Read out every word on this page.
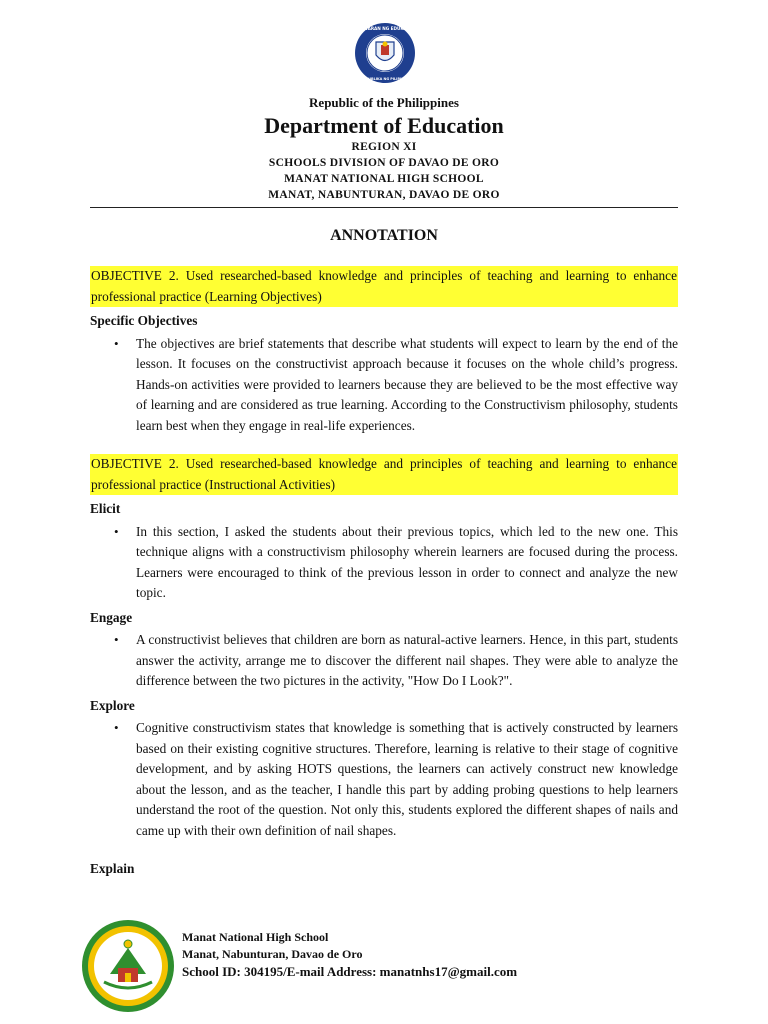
KAGAWARAN NG EDUKASYON
REPUBLIKA NG PILIPINAS
Republic of the Philippines
Department of Education
REGION XI
SCHOOLS DIVISION OF DAVAO DE ORO
MANAT NATIONAL HIGH SCHOOL
MANAT, NABUNTURAN, DAVAO DE ORO
ANNOTATION

OBJECTIVE 2. Used researched-based knowledge and principles of teaching and learning to enhance professional practice (Learning Objectives)

Specific Objectives
• The objectives are brief statements that describe what students will expect to learn by the end of the lesson. It focuses on the constructivist approach because it focuses on the whole child’s progress. Hands-on activities were provided to learners because they are believed to be the most effective way of learning and are considered as true learning. According to the Constructivism philosophy, students learn best when they engage in real-life experiences.

OBJECTIVE 2. Used researched-based knowledge and principles of teaching and learning to enhance professional practice (Instructional Activities)

Elicit
• In this section, I asked the students about their previous topics, which led to the new one. This technique aligns with a constructivism philosophy wherein learners are focused during the process. Learners were encouraged to think of the previous lesson in order to connect and analyze the new topic.
Engage
• A constructivist believes that children are born as natural-active learners. Hence, in this part, students answer the activity, arrange me to discover the different nail shapes. They were able to analyze the difference between the two pictures in the activity, "How Do I Look?".
Explore
• Cognitive constructivism states that knowledge is something that is actively constructed by learners based on their existing cognitive structures. Therefore, learning is relative to their stage of cognitive development, and by asking HOTS questions, the learners can actively construct new knowledge about the lesson, and as the teacher, I handle this part by adding probing questions to help learners understand the root of the question. Not only this, students explored the different shapes of nails and came up with their own definition of nail shapes.
Explain
Manat National High School
Manat, Nabunturan, Davao de Oro
School ID: 304195/E-mail Address: manatnhs17@gmail.com
